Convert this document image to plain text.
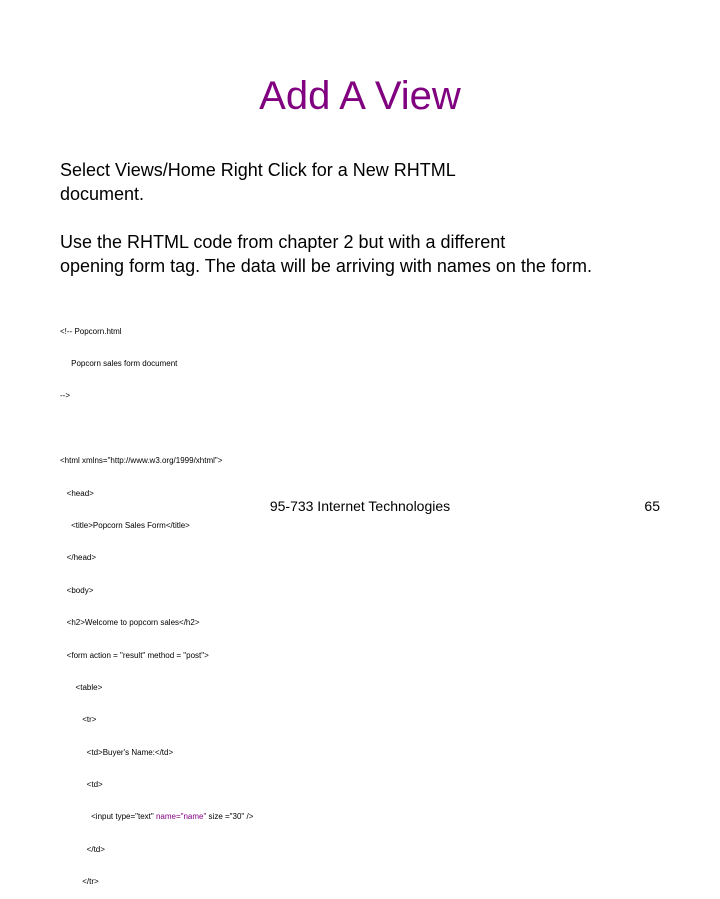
Add A View
Select Views/Home Right Click for a New RHTML
document.
Use the RHTML code from chapter 2 but with a different
opening form tag. The data will be arriving with names on the form.

<!-- Popcorn.html

Popcorn sales form document

-->

<html xmlns="http://www.w3.org/1999/xhtml">

<head>

<title>Popcorn Sales Form</title>

</head>

<body>

<h2>Welcome to popcorn sales</h2>

<form action = "result" method = "post">

<table>

<tr>

<td>Buyer's Name:</td>

<td>

<input type="text" name="name" size ="30" />

</td>

</tr>

95-733 Internet Technologies	65
